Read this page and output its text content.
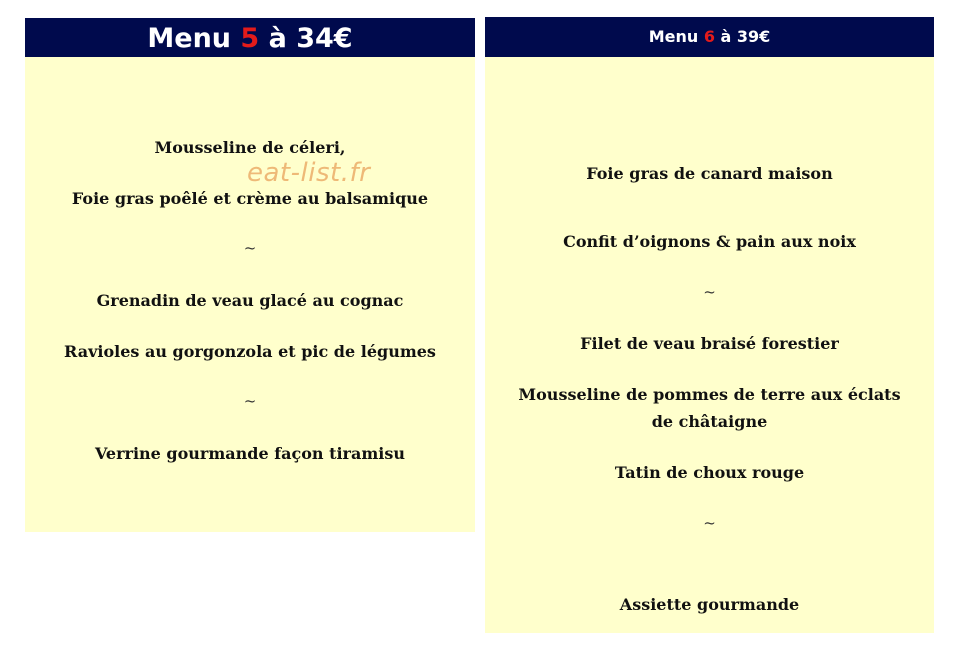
Menu 5 à 34€
Mousseline de céleri,
Foie gras poêlé et crème au balsamique
~
Grenadin de veau glacé au cognac
Ravioles au gorgonzola et pic de légumes
~
Verrine gourmande façon tiramisu
Menu 6 à 39€
Foie gras de canard maison
Confit d’oignons & pain aux noix
~
Filet de veau braisé forestier
Mousseline de pommes de terre aux éclats de châtaigne
Tatin de choux rouge
~
Assiette gourmande
eat-list.fr
